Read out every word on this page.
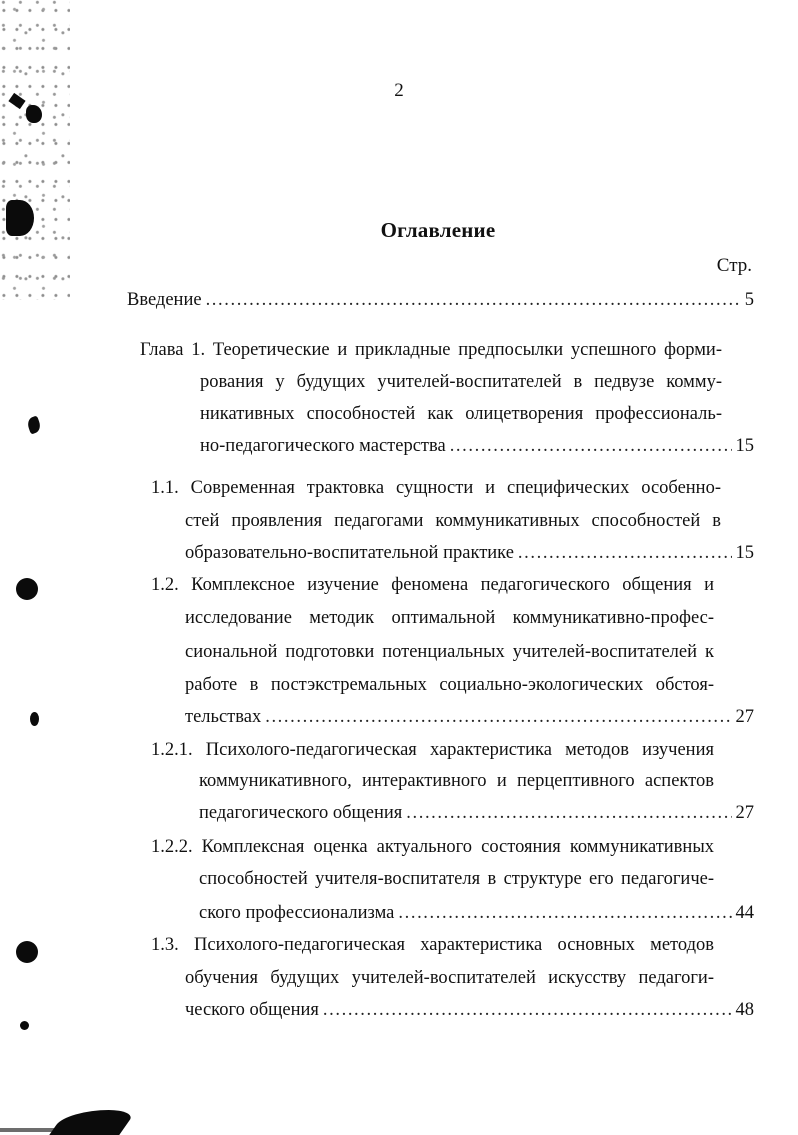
2
Оглавление
Стр.
Введение .....	5
Глава 1. Теоретические и прикладные предпосылки успешного форми-
рования у будущих учителей-воспитателей в педвузе комму-
никативных способностей как олицетворения профессиональ-
но-педагогического мастерства .....	15
1.1. Современная трактовка сущности и специфических особенно-
стей проявления педагогами коммуникативных способностей в
образовательно-воспитательной практике .....	15
1.2. Комплексное изучение феномена педагогического общения и
исследование методик оптимальной коммуникативно-профес-
сиональной подготовки потенциальных учителей-воспитателей к
работе в постэкстремальных социально-экологических обстоя-
тельствах .....	27
1.2.1. Психолого-педагогическая характеристика методов изучения
коммуникативного, интерактивного и перцептивного аспектов
педагогического общения .....	27
1.2.2. Комплексная оценка актуального состояния коммуникативных
способностей учителя-воспитателя в структуре его педагогиче-
ского профессионализма .....	44
1.3. Психолого-педагогическая характеристика основных методов
обучения будущих учителей-воспитателей искусству педагоги-
ческого общения .....	48
